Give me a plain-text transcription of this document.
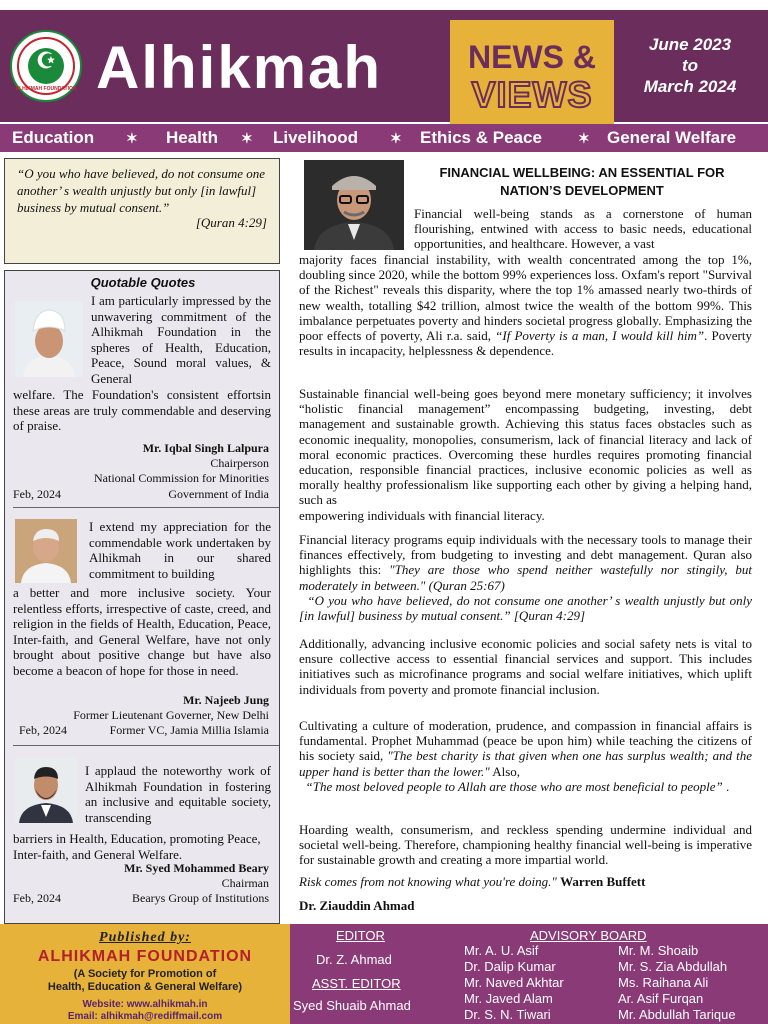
☪
ALHIKMAH FOUNDATION Alhikmah	NEWS &
VIEWS
June 2023
to
March 2024
Education ✶ Health ✶ Livelihood ✶ Ethics & Peace	✶ General Welfare
“O you who have believed, do not consume one another’ s wealth unjustly but only [in lawful] business by mutual consent.”
[Quran 4:29]
Quotable Quotes
I am particularly impressed by the unwavering commitment of the Alhikmah Foundation in the spheres of Health, Education, Peace, Sound moral values, & General
welfare. The Foundation's consistent effortsin these areas are truly commendable and deserving of praise.
Mr. Iqbal Singh Lalpura
Chairperson
National Commission for Minorities
Feb, 2024	Government of India
I extend my appreciation for the commendable work undertaken by Alhikmah in our shared commitment to building
a better and more inclusive society. Your relentless efforts, irrespective of caste, creed, and religion in the fields of Health, Education, Peace, Inter-faith, and General Welfare, have not only brought about positive change but have also become a beacon of hope for those in need.
Mr. Najeeb Jung
Former Lieutenant Governer, New Delhi
Feb, 2024	Former VC, Jamia Millia Islamia
I applaud the noteworthy work of Alhikmah Foundation in fostering an inclusive and equitable society, transcending
barriers in Health, Education, promoting Peace, Inter-faith, and General Welfare.
Mr. Syed Mohammed Beary
Chairman
Feb, 2024	Bearys Group of Institutions
FINANCIAL WELLBEING: AN ESSENTIAL FOR NATION’S DEVELOPMENT
Financial well-being stands as a cornerstone of human flourishing, entwined with access to basic needs, educational opportunities, and healthcare. However, a vast
majority faces financial instability, with wealth concentrated among the top 1%, doubling since 2020, while the bottom 99% experiences loss. Oxfam's report "Survival of the Richest" reveals this disparity, where the top 1% amassed nearly two-thirds of new wealth, totalling $42 trillion, almost twice the wealth of the bottom 99%. This imbalance perpetuates poverty and hinders societal progress globally. Emphasizing the poor effects of poverty, Ali r.a. said, “If Poverty is a man, I would kill him”. Poverty results in incapacity, helplessness & dependence.
Sustainable financial well-being goes beyond mere monetary sufficiency; it involves “holistic financial management” encompassing budgeting, investing, debt management and sustainable growth. Achieving this status faces obstacles such as economic inequality, monopolies, consumerism, lack of financial literacy and lack of moral economic practices. Overcoming these hurdles requires promoting financial education, responsible financial practices, inclusive economic policies as well as morally healthy professionalism like supporting each other by giving a helping hand, such as
empowering individuals with financial literacy.
Financial literacy programs equip individuals with the necessary tools to manage their finances effectively, from budgeting to investing and debt management. Quran also highlights this: "They are those who spend neither wastefully nor stingily, but moderately in between." (Quran 25:67)
“O you who have believed, do not consume one another’ s wealth unjustly but only [in lawful] business by mutual consent.” [Quran 4:29]
Additionally, advancing inclusive economic policies and social safety nets is vital to ensure collective access to essential financial services and support. This includes initiatives such as microfinance programs and social welfare initiatives, which uplift individuals from poverty and promote financial inclusion.
Cultivating a culture of moderation, prudence, and compassion in financial affairs is fundamental. Prophet Muhammad (peace be upon him) while teaching the citizens of his society said, "The best charity is that given when one has surplus wealth; and the upper hand is better than the lower." Also,
“The most beloved people to Allah are those who are most beneficial to people” .
Hoarding wealth, consumerism, and reckless spending undermine individual and societal well-being. Therefore, championing healthy financial well-being is imperative for sustainable growth and creating a more impartial world.
Risk comes from not knowing what you're doing." Warren Buffett
Dr. Ziauddin Ahmad
Published by:
ALHIKMAH FOUNDATION
(A Society for Promotion of
Health, Education & General Welfare)
Website: www.alhikmah.in
Email: alhikmah@rediffmail.com
EDITOR
Dr. Z. Ahmad
ASST. EDITOR
Syed Shuaib Ahmad
ADVISORY BOARD
Mr. A. U. Asif
Dr. Dalip Kumar
Mr. Naved Akhtar
Mr. Javed Alam
Dr. S. N. Tiwari
Mr. M. Shoaib
Mr. S. Zia Abdullah
Ms. Raihana Ali
Ar. Asif Furqan
Mr. Abdullah Tarique
